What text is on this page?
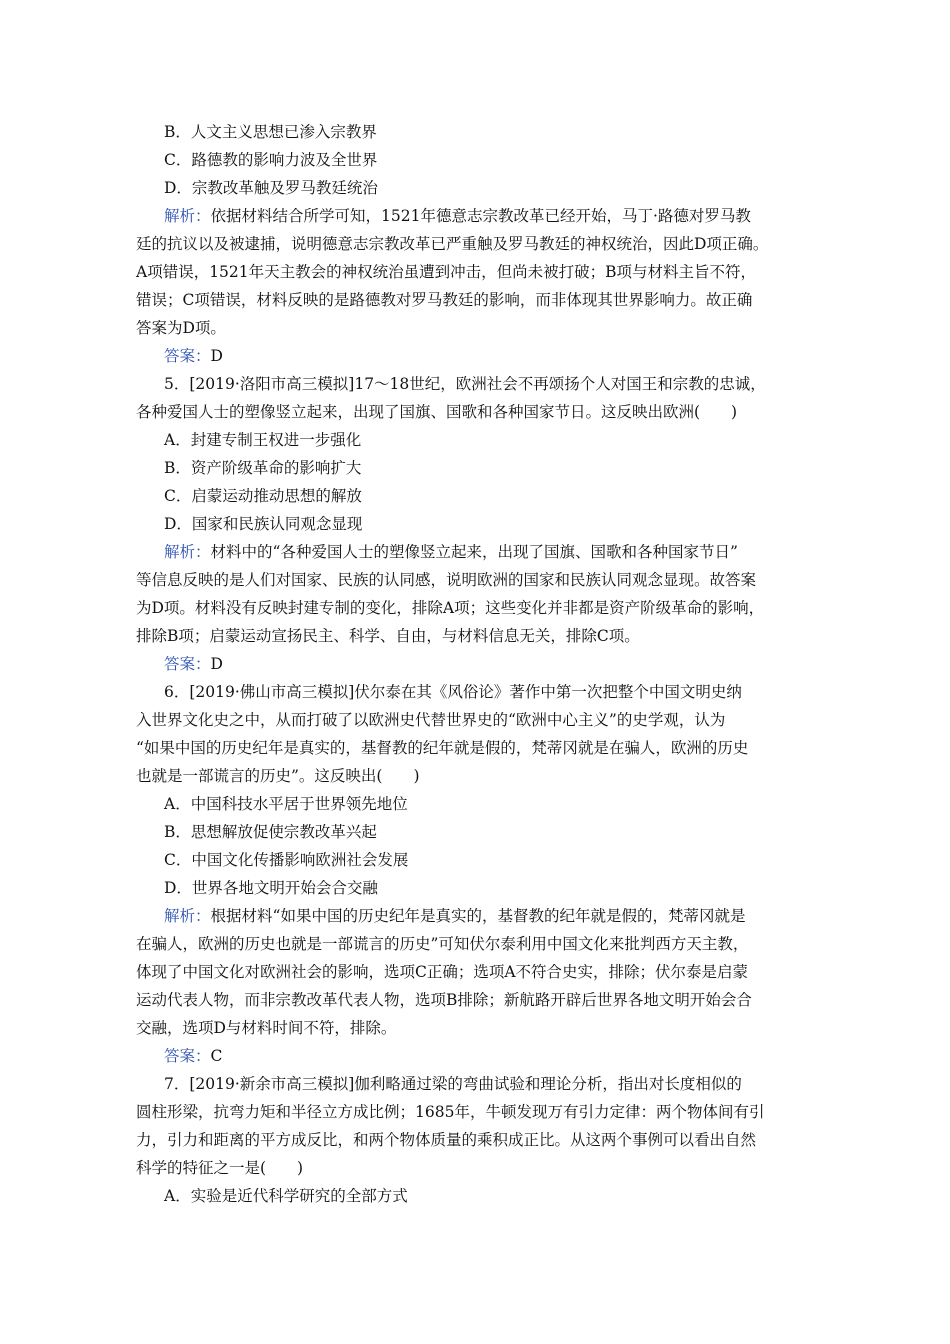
B．人文主义思想已渗入宗教界
C．路德教的影响力波及全世界
D．宗教改革触及罗马教廷统治
解析：依据材料结合所学可知，1521年德意志宗教改革已经开始，马丁·路德对罗马教
廷的抗议以及被逮捕，说明德意志宗教改革已严重触及罗马教廷的神权统治，因此D项正确。
A项错误，1521年天主教会的神权统治虽遭到冲击，但尚未被打破；B项与材料主旨不符，
错误；C项错误，材料反映的是路德教对罗马教廷的影响，而非体现其世界影响力。故正确
答案为D项。
答案：D
5．[2019·洛阳市高三模拟]17～18世纪，欧洲社会不再颂扬个人对国王和宗教的忠诚，
各种爱国人士的塑像竖立起来，出现了国旗、国歌和各种国家节日。这反映出欧洲(　　)
A．封建专制王权进一步强化
B．资产阶级革命的影响扩大
C．启蒙运动推动思想的解放
D．国家和民族认同观念显现
解析：材料中的“各种爱国人士的塑像竖立起来，出现了国旗、国歌和各种国家节日”
等信息反映的是人们对国家、民族的认同感，说明欧洲的国家和民族认同观念显现。故答案
为D项。材料没有反映封建专制的变化，排除A项；这些变化并非都是资产阶级革命的影响，
排除B项；启蒙运动宣扬民主、科学、自由，与材料信息无关，排除C项。
答案：D
6．[2019·佛山市高三模拟]伏尔泰在其《风俗论》著作中第一次把整个中国文明史纳
入世界文化史之中，从而打破了以欧洲史代替世界史的“欧洲中心主义”的史学观，认为
“如果中国的历史纪年是真实的，基督教的纪年就是假的，梵蒂冈就是在骗人，欧洲的历史
也就是一部谎言的历史”。这反映出(　　)
A．中国科技水平居于世界领先地位
B．思想解放促使宗教改革兴起
C．中国文化传播影响欧洲社会发展
D．世界各地文明开始会合交融
解析：根据材料“如果中国的历史纪年是真实的，基督教的纪年就是假的，梵蒂冈就是
在骗人，欧洲的历史也就是一部谎言的历史”可知伏尔泰利用中国文化来批判西方天主教，
体现了中国文化对欧洲社会的影响，选项C正确；选项A不符合史实，排除；伏尔泰是启蒙
运动代表人物，而非宗教改革代表人物，选项B排除；新航路开辟后世界各地文明开始会合
交融，选项D与材料时间不符，排除。
答案：C
7．[2019·新余市高三模拟]伽利略通过梁的弯曲试验和理论分析，指出对长度相似的
圆柱形梁，抗弯力矩和半径立方成比例；1685年，牛顿发现万有引力定律：两个物体间有引
力，引力和距离的平方成反比，和两个物体质量的乘积成正比。从这两个事例可以看出自然
科学的特征之一是(　　)
A．实验是近代科学研究的全部方式
